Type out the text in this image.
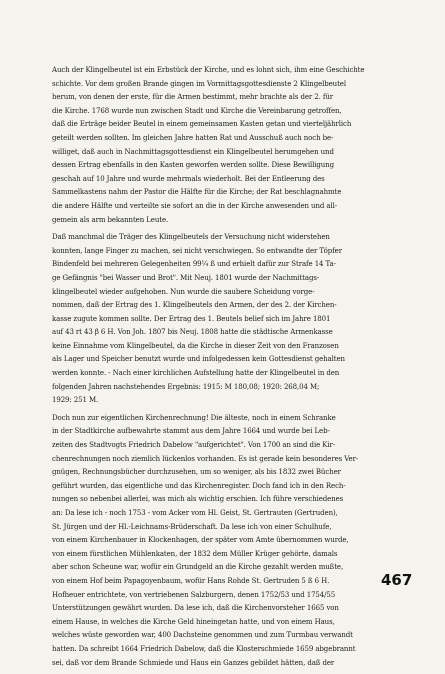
Auch der Klingelbeutel ist ein Erbstück der Kirche, und es lohnt sich, ihm eine Geschichte
schichte. Vor dem großen Brande gingen im Vormittagsgottesdienste 2 Klingelbeutel
herum, von denen der erste, für die Armen bestimmt, mehr brachte als der 2. für
die Kirche. 1768 wurde nun zwischen Stadt und Kirche die Vereinbarung getroffen,
daß die Erträge beider Beutel in einem gemeinsamen Kasten getan und vierteljährlich
geteilt werden sollten. Im gleichen Jahre hatten Rat und Ausschuß auch noch be-
williget, daß auch in Nachmittagsgottesdienst ein Klingelbeutel herumgehen und
dessen Ertrag ebenfalls in den Kasten geworfen werden sollte. Diese Bewilligung
geschah auf 10 Jahre und wurde mehrmals wiederholt. Bei der Entleerung des
Sammelkastens nahm der Pastor die Hälfte für die Kirche; der Rat beschlagnahmte
die andere Hälfte und verteilte sie sofort an die in der Kirche anwesenden und all-
gemein als arm bekannten Leute.
Daß manchmal die Träger des Klingelbeutels der Versuchung nicht widerstehen
konnten, lange Finger zu machen, sei nicht verschwiegen. So entwandte der Töpfer
Bindenfeld bei mehreren Gelegenheiten 99¼ ß und erhielt dafür zur Strafe 14 Ta-
ge Gefängnis "bei Wasser und Brot". Mit Neuj. 1801 wurde der Nachmittags-
klingelbeutel wieder aufgehoben. Nun wurde die saubere Scheidung vorge-
nommen, daß der Ertrag des 1. Klingelbeutels den Armen, der des 2. der Kirchen-
kasse zugute kommen sollte. Der Ertrag des 1. Beutels belief sich im Jahre 1801
auf 43 rt 43 β 6 H. Von Joh. 1807 bis Neuj. 1808 hatte die städtische Armenkasse
keine Einnahme vom Klingelbeutel, da die Kirche in dieser Zeit von den Franzosen
als Lager und Speicher benutzt wurde und infolgedessen kein Gottesdienst gehalten
werden konnte. - Nach einer kirchlichen Aufstellung hatte der Klingelbeutel in den
folgenden Jahren nachstehendes Ergebnis: 1915: M 180,08; 1920: 268,04 M;
1929: 251 M.
Doch nun zur eigentlichen Kirchenrechnung! Die älteste, noch in einem Schranke
in der Stadtkirche aufbewahrte stammt aus dem Jahre 1664 und wurde bei Leb-
zeiten des Stadtvogts Friedrich Dabelow "aufgerichtet". Von 1700 an sind die Kir-
chenrechnungen noch ziemlich lückenlos vorhanden. Es ist gerade kein besonderes Ver-
gnügen, Rechnungsbücher durchzusehen, um so weniger, als bis 1832 zwei Bücher
geführt wurden, das eigentliche und das Kirchenregister. Doch fand ich in den Rech-
nungen so nebenbei allerlei, was mich als wichtig erschien. Ich führe verschiedenes
an: Da lese ich - noch 1753 - vom Acker vom Hl. Geist, St. Gertrauten (Gertruden),
St. Jürgen und der Hl.-Leichnams-Brüderschaft. Da lese ich von einer Schulhufe,
von einem Kirchenbauer in Klockenhagen, der später vom Amte übernommen wurde,
von einem fürstlichen Mühlenkaten, der 1832 dem Müller Krüger gehörte, damals
aber schon Scheune war, wofür ein Grundgeld an die Kirche gezahlt werden mußte,
von einem Hof beim Papagoyenbaum, wofür Hans Rohde St. Gertruden 5 ß 6 H.
Hofheuer entrichtete, von vertriebenen Salzburgern, denen 1752/53 und 1754/55
Unterstützungen gewährt wurden. Da lese ich, daß die Kirchenvorsteher 1665 von
einem Hause, in welches die Kirche Geld hineingetan hatte, und von einem Haus,
welches wüste geworden war, 400 Dachsteine genommen und zum Turmbau verwandt
hatten. Da schreibt 1664 Friedrich Dabelow, daß die Klosterschmiede 1659 abgebrannt
sei, daß vor dem Brande Schmiede und Haus ein Ganzes gebildet hätten, daß der
467
